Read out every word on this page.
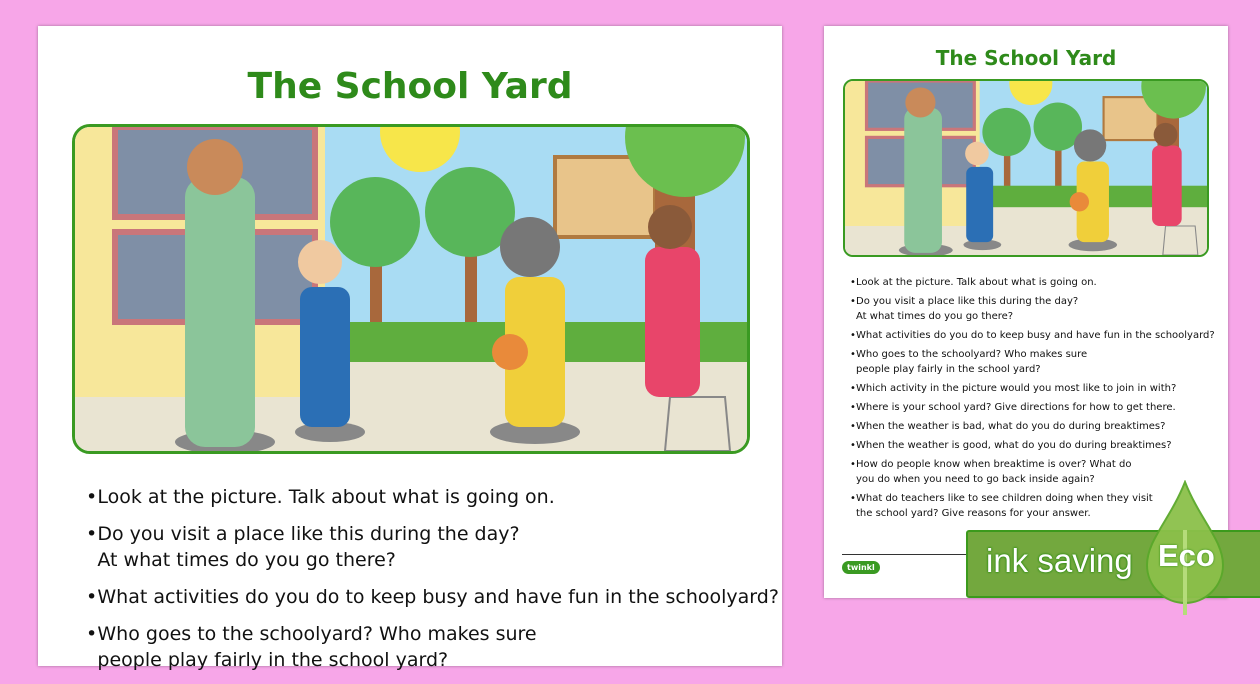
The School Yard
•Look at the picture. Talk about what is going on.
•Do you visit a place like this during the day?
At what times do you go there?
•What activities do you do to keep busy and have fun in the schoolyard?
•Who goes to the schoolyard? Who makes sure
people play fairly in the school yard?
The School Yard
•Look at the picture. Talk about what is going on.
•Do you visit a place like this during the day?
At what times do you go there?
•What activities do you do to keep busy and have fun in the schoolyard?
•Who goes to the schoolyard? Who makes sure
people play fairly in the school yard?
•Which activity in the picture would you most like to join in with?
•Where is your school yard? Give directions for how to get there.
•When the weather is bad, what do you do during breaktimes?
•When the weather is good, what do you do during breaktimes?
•How do people know when breaktime is over? What do
you do when you need to go back inside again?
•What do teachers like to see children doing when they visit
the school yard? Give reasons for your answer.
twinkl	ink saving Eco
